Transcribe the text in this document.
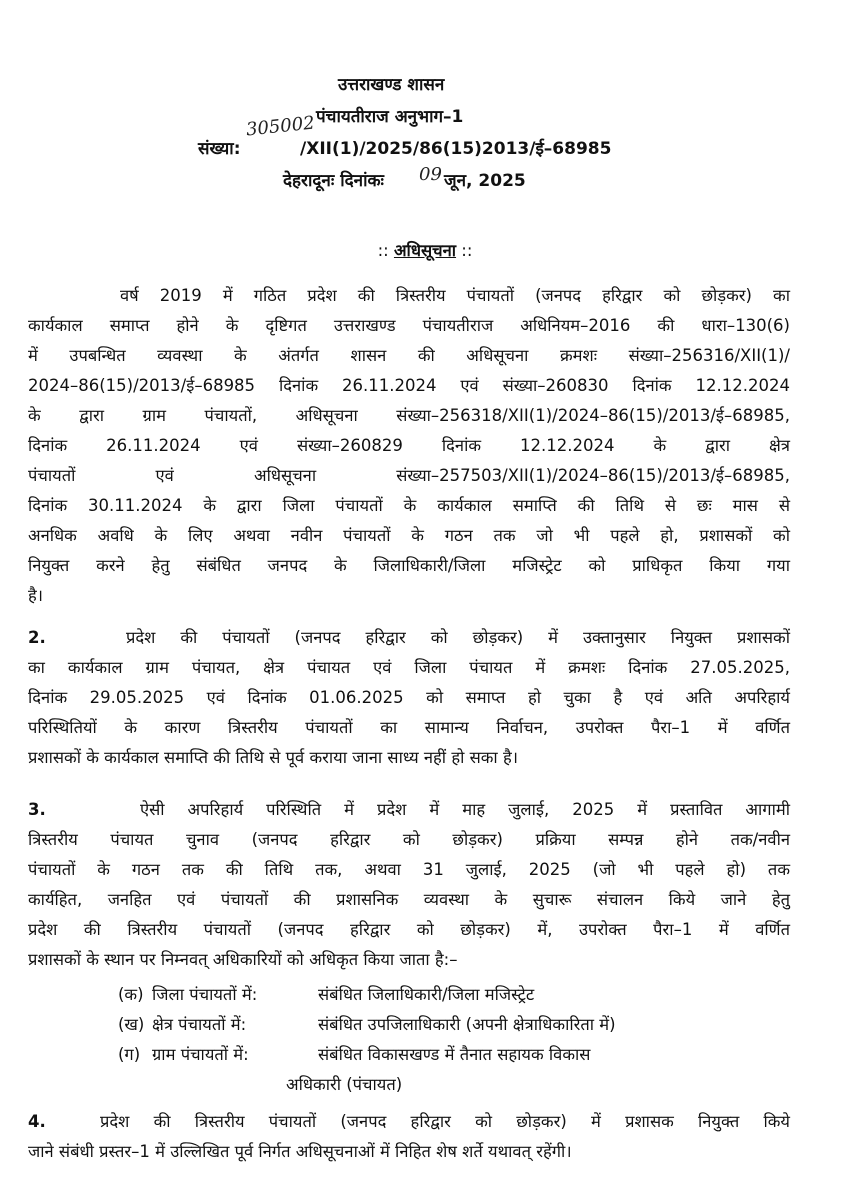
उत्तराखण्ड शासन
पंचायतीराज अनुभाग–1
संख्या:
305002
/XII(1)/2025/86(15)2013/ई–68985
देहरादूनः दिनांकः 09 जून, 2025
:: अधिसूचना ::
वर्ष 2019 में गठित प्रदेश की त्रिस्तरीय पंचायतों (जनपद हरिद्वार को छोड़कर) का
कार्यकाल समाप्त होने के दृष्टिगत उत्तराखण्ड पंचायतीराज अधिनियम–2016 की धारा–130(6)
में उपबन्धित व्यवस्था के अंतर्गत शासन की अधिसूचना क्रमशः संख्या–256316/XII(1)/
2024–86(15)/2013/ई–68985 दिनांक 26.11.2024 एवं संख्या–260830 दिनांक 12.12.2024
के द्वारा ग्राम पंचायतों, अधिसूचना संख्या–256318/XII(1)/2024–86(15)/2013/ई–68985,
दिनांक 26.11.2024 एवं संख्या–260829 दिनांक 12.12.2024 के द्वारा क्षेत्र
पंचायतों एवं अधिसूचना संख्या–257503/XII(1)/2024–86(15)/2013/ई–68985,
दिनांक 30.11.2024 के द्वारा जिला पंचायतों के कार्यकाल समाप्ति की तिथि से छः मास से
अनधिक अवधि के लिए अथवा नवीन पंचायतों के गठन तक जो भी पहले हो, प्रशासकों को
नियुक्त करने हेतु संबंधित जनपद के जिलाधिकारी/जिला मजिस्ट्रेट को प्राधिकृत किया गया
है।
2.	प्रदेश की पंचायतों (जनपद हरिद्वार को छोड़कर) में उक्तानुसार नियुक्त प्रशासकों
का कार्यकाल ग्राम पंचायत, क्षेत्र पंचायत एवं जिला पंचायत में क्रमशः दिनांक 27.05.2025,
दिनांक 29.05.2025 एवं दिनांक 01.06.2025 को समाप्त हो चुका है एवं अति अपरिहार्य
परिस्थितियों के कारण त्रिस्तरीय पंचायतों का सामान्य निर्वाचन, उपरोक्त पैरा–1 में वर्णित
प्रशासकों के कार्यकाल समाप्ति की तिथि से पूर्व कराया जाना साध्य नहीं हो सका है।
3.	ऐसी अपरिहार्य परिस्थिति में प्रदेश में माह जुलाई, 2025 में प्रस्तावित आगामी
त्रिस्तरीय पंचायत चुनाव (जनपद हरिद्वार को छोड़कर) प्रक्रिया सम्पन्न होने तक/नवीन
पंचायतों के गठन तक की तिथि तक, अथवा 31 जुलाई, 2025 (जो भी पहले हो) तक
कार्यहित, जनहित एवं पंचायतों की प्रशासनिक व्यवस्था के सुचारू संचालन किये जाने हेतु
प्रदेश की त्रिस्तरीय पंचायतों (जनपद हरिद्वार को छोड़कर) में, उपरोक्त पैरा–1 में वर्णित
प्रशासकों के स्थान पर निम्नवत् अधिकारियों को अधिकृत किया जाता है:–
(क) जिला पंचायतों में:	संबंधित जिलाधिकारी/जिला मजिस्ट्रेट
(ख) क्षेत्र पंचायतों में:	संबंधित उपजिलाधिकारी (अपनी क्षेत्राधिकारिता में)
(ग) ग्राम पंचायतों में:	संबंधित विकासखण्ड में तैनात सहायक विकास
अधिकारी (पंचायत)
4.	प्रदेश की त्रिस्तरीय पंचायतों (जनपद हरिद्वार को छोड़कर) में प्रशासक नियुक्त किये
जाने संबंधी प्रस्तर–1 में उल्लिखित पूर्व निर्गत अधिसूचनाओं में निहित शेष शर्ते यथावत् रहेंगी।
